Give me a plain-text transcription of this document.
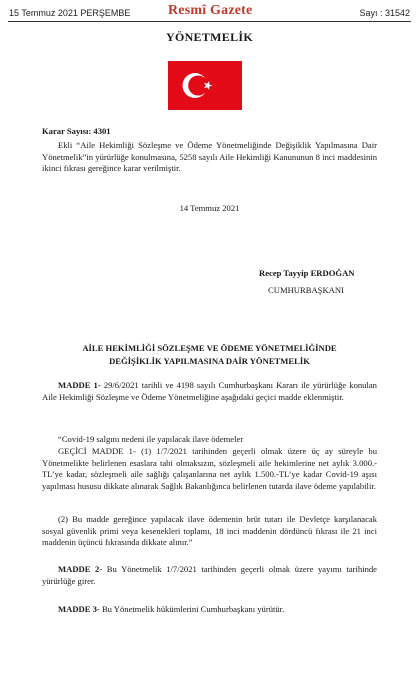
15 Temmuz 2021 PERŞEMBE	Resmî Gazete	Sayı : 31542
YÖNETMELİK
Karar Sayısı: 4301
Ekli “Aile Hekimliği Sözleşme ve Ödeme Yönetmeliğinde Değişiklik Yapılmasına Dair Yönetmelik”in yürürlüğe konulmasına, 5258 sayılı Aile Hekimliği Kanununun 8 inci maddesinin ikinci fıkrası gereğince karar verilmiştir.
14 Temmuz 2021
Recep Tayyip ERDOĞAN
CUMHURBAŞKANI
AİLE HEKİMLİĞİ SÖZLEŞME VE ÖDEME YÖNETMELİĞİNDE
DEĞİŞİKLİK YAPILMASINA DAİR YÖNETMELİK
MADDE 1- 29/6/2021 tarihli ve 4198 sayılı Cumhurbaşkanı Kararı ile yürürlüğe konulan Aile Hekimliği Sözleşme ve Ödeme Yönetmeliğine aşağıdaki geçici madde eklenmiştir.
“Covid-19 salgını nedeni ile yapılacak ilave ödemeler
GEÇİCİ MADDE 1- (1) 1/7/2021 tarihinden geçerli olmak üzere üç ay süreyle bu Yönetmelikte belirlenen esaslara tabi olmaksızın, sözleşmeli aile hekimlerine net aylık 3.000.-TL’ye kadar, sözleşmeli aile sağlığı çalışanlarına net aylık 1.500.-TL’ye kadar Covid-19 aşısı yapılması hususu dikkate alınarak Sağlık Bakanlığınca belirlenen tutarda ilave ödeme yapılabilir.
(2) Bu madde gereğince yapılacak ilave ödemenin brüt tutarı ile Devletçe karşılanacak sosyal güvenlik primi veya kesenekleri toplamı, 18 inci maddenin dördüncü fıkrası ile 21 inci maddenin üçüncü fıkrasında dikkate alınır.”
MADDE 2- Bu Yönetmelik 1/7/2021 tarihinden geçerli olmak üzere yayımı tarihinde yürürlüğe girer.
MADDE 3- Bu Yönetmelik hükümlerini Cumhurbaşkanı yürütür.
